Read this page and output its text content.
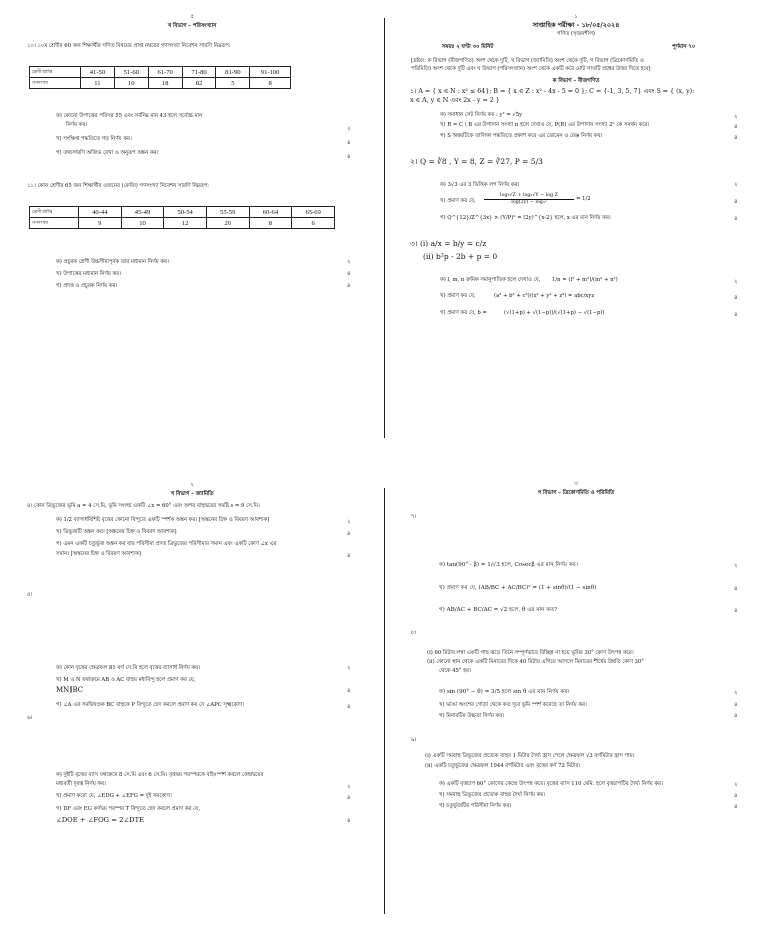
৫
খ বিভাগ – পরিসংখ্যান
১০। ১০ম শ্রেণীর 60 জন শিক্ষার্থীর গণিত বিষয়ের প্রাপ্ত নম্বরের গণসংখ্যা নিবেশন সারণি নিম্নরূপ:
শ্রেণী ব্যাপ্তি	41-50	51-60	61-70	71-80	81-90	91-100
গণসংখ্যা	11	10	18	82	5	8
ক) কোনো উপাত্তের পরিসর 55 এবং সর্বনিম্ন মান 43 হলে সর্বোচ্চ মান
নির্ণয় কর।
২
খ) সংক্ষিপ্ত পদ্ধতিতে গড় নির্ণয় কর।
৪
গ) তথ্যসারণি অজিভ রেখা ও অনুরূপ অঙ্কন কর।
৪
১১। কোন শ্রেণীর 65 জন শিক্ষার্থীর ওজনের (কেজি) গণসংখ্যা নিবেশন সারণি নিম্নরূপ:
শ্রেণী ব্যাপ্তি	40-44	45-49	50-54	55-59	60-64	65-69
গণসংখ্যা	9	10	12	20	8	6
ক) প্রচুরক শ্রেণী উচ্চসীমাপূর্বক তার মধ্যমান নির্ণয় কর।	২
খ) উপাত্তের মধ্যমান নির্ণয় কর।	৪
গ) প্রদত্ত ও প্রচুরক নির্ণয় কর।	৪
১
সাপ্তাহিক পরীক্ষা - ১৮/০৫/২০২৪
গণিত (সৃজনশীল)
সময়ঃ ২ ঘণ্টা ৩০ মিনিট	পূর্ণমান ৭০
[দ্রষ্টব্য: ক বিভাগ (বীজগণিত) অংশ থেকে দুটি, খ বিভাগ (জ্যামিতি) অংশ থেকে দুটি, গ বিভাগ (ত্রিকোণমিতি ও
পরিমিতি) অংশ থেকে দুটি এবং ঘ বিভাগ (পরিসংখ্যান) অংশ থেকে একটি করে মোট সাতটি প্রশ্নের উত্তর দিতে হবে]
ক বিভাগ – বীজগণিত
১। A = { x ∊ N : x² ≤ 64}; B = { x ∊ Z : x² - 4x - 5 = 0 }; C = {-1, 3, 5, 7} এবং S = { (x, y):
x ∊ A, y ∊ N এবং 2x - y = 2 }
ক) সমাধান সেট নির্ণয় কর : y² = √5y	২
খ) R = C \ B এর উপাদান সংখ্যা n হলে দেখাও যে, P(R) এর উপাদান সংখ্যা 2ⁿ কে সমর্থন করে।	৪
গ) S অন্বয়টিকে তালিকা পদ্ধতিতে প্রকাশ করে এর ডোমেন ও রেঞ্জ নির্ণয় কর।	৪
২। Q = ∛8 , Y = 8, Z = ∛27, P = 5/3
ক) 3√3 এর 3 ভিত্তিক লগ নির্ণয় কর।	২
খ) প্রমাণ কর যে,
log₃√Z + log₃√Y − log Z
log(2y) − log₃²
= 1/2	৪
গ) Q^{12}/Z^{3x} × (Y/P)² = (2y)^{x-2} হলে, x এর মান নির্ণয় কর।	৪
৩। (i) a/x = b/y = c/z
(ii) b²p - 2b + p = 0
ক) l, m, n ক্রমিক সমানুপাতিক হলে দেখাও যে, 1/n = (l² + m²)/(m² + n²)	২
খ) প্রমাণ কর যে,	(a³ + b³ + c³)/(x³ + y³ + z³) = abc/xyz	৪
গ) প্রমাণ কর যে, b =	(√(1+p) + √(1−p))/(√(1+p) − √(1−p))	৪
২
খ বিভাগ – জ্যামিতি
৪। কোন ত্রিভুজের ভূমি a = 4 সে.মি, ভূমি সংলগ্ন একটি ∠x = 60° এবং অপর বাহুদ্বয়ের সমষ্টি s = 9 সে.মি।
ক) 1/2 ব্যাসার্ধবিশিষ্ট বৃত্তের কোনো বিন্দুতে একটি স্পর্শক অঙ্কন কর। [অঙ্কনের চিহ্ন ও বিবরণ আবশ্যক]	২
খ) ত্রিভুজটি অঙ্কন কর। [অঙ্কনের চিহ্ন ও বিবরণ আবশ্যক]	৪
গ) এমন একটি চতুর্ভুজ অঙ্কন কর যার পরিসীমা প্রদত্ত ত্রিভুজের পরিসীমার সমান এবং একটি কোণ ∠x এর
সমান। [অঙ্কনের চিহ্ন ও বিবরণ আবশ্যক]	৪
৫।
ক) কোন বৃত্তের ক্ষেত্রফল 81 বর্গ সে.মি হলে বৃত্তের ব্যাসার্ধ নির্ণয় কর।	২
খ) M ও N যথাক্রমে AB ও AC বাহুর মধ্যবিন্দু হলে প্রমাণ কর যে,
MN∥BC	৪
গ) ∠A এর সমদ্বিখণ্ডক BC বাহুকে P বিন্দুতে ছেদ করলে প্রমাণ কর যে ∠APC সূক্ষ্মকোণ।	৪
৬।
ক) দুইটি বৃত্তের ব্যাস যথাক্রমে 8 সে.মি এবং 6 সে.মি। বৃত্তদ্বয় পরস্পরকে বহিঃস্পর্শ করলে কেন্দ্রদ্বয়ের
মধ্যবর্তী দূরত্ব নির্ণয় কর।	২
খ) প্রমাণ করো যে, ∠EDG + ∠EFG = দুই সমকোণ।	৪
গ) DF এবং EG কর্ণদ্বয় পরস্পর T বিন্দুতে ছেদ করলে প্রমাণ কর যে,
∠DOE + ∠FOG = 2∠DTE	৪
৩
গ বিভাগ – ত্রিকোণমিতি ও পরিমিতি
৭।
ক) tan(90° - β) = 1/√3 হলে, Cosecβ এর মান নির্ণয় কর।	২
খ) প্রমাণ কর যে, (AB/BC + AC/BC)² = (1 + sinθ)/(1 − sinθ)	৪
গ) AB/AC + BC/AC = √2 হলে, θ এর মান কত?	৪
৮।
(i) 60 মিটার লম্বা একটি গাছ ঝড়ে তিনে সম্পূর্ণভাবে বিচ্ছিন্ন না হয়ে ভূমির 30° কোণ উৎপন্ন করে।
(ii) কোনো স্থান থেকে একটি মিনারের দিকে 40 মিটার এগিয়ে আসলে মিনারের শীর্ষের উন্নতি কোণ 30°
থেকে 45° হয়।
ক) sin (90° − θ) = 3/5 হলে sin θ এর মান নির্ণয় কর।	২
খ) ভাঙা অংশের গোড়া থেকে কত দূরে ভূমি স্পর্শ করেছে তা নির্ণয় কর।	৪
গ) মিনারটির উচ্চতা নির্ণয় কর।	৪
৯।
(i) একটি সমবাহু ত্রিভুজের প্রত্যেক বাহুর 1 মিটার দৈর্ঘ্য হ্রাস পেলে ক্ষেত্রফল √3 বর্গমিটার হ্রাস পায়।
(ii) একটি চতুর্ভুজের ক্ষেত্রফল 1944 বর্গমিটার এবং বৃত্তের কর্ণ 72 মিটার।
ক) একটি বৃত্তচাপ 60° কোণের কেন্দ্রে উৎপন্ন করে। বৃত্তের ব্যাস 110 মেমি. হলে বৃত্তচাপটির দৈর্ঘ্য নির্ণয় কর।	২
খ) সমবাহু ত্রিভুজের প্রত্যেক বাহুর দৈর্ঘ্য নির্ণয় কর।	৪
গ) চতুর্ভুজটির পরিসীমা নির্ণয় কর।	৪
